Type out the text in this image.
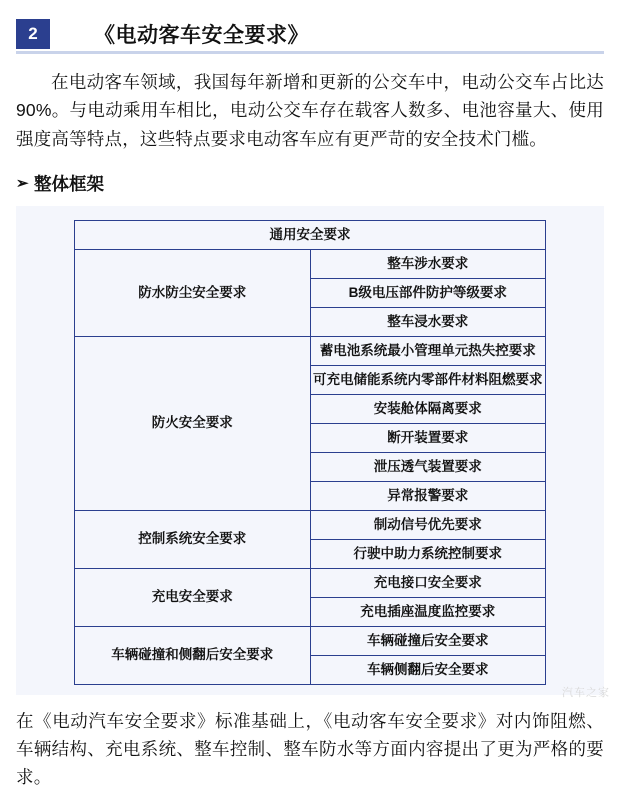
2	《电动客车安全要求》

在电动客车领域，我国每年新增和更新的公交车中，电动公交车占比达90%。与电动乘用车相比，电动公交车存在载客人数多、电池容量大、使用强度高等特点，这些特点要求电动客车应有更严苛的安全技术门槛。

➢ 整体框架
通用安全要求	
防水防尘安全要求	整车涉水要求
	B级电压部件防护等级要求
	整车浸水要求
防火安全要求	蓄电池系统最小管理单元热失控要求
	可充电储能系统内零部件材料阻燃要求
	安装舱体隔离要求
	断开装置要求
	泄压透气装置要求
	异常报警要求
控制系统安全要求	制动信号优先要求
	行驶中助力系统控制要求
充电安全要求	充电接口安全要求
	充电插座温度监控要求
车辆碰撞和侧翻后安全要求	车辆碰撞后安全要求
	车辆侧翻后安全要求

在《电动汽车安全要求》标准基础上，《电动客车安全要求》对内饰阻燃、车辆结构、充电系统、整车控制、整车防水等方面内容提出了更为严格的要求。

汽车之家
